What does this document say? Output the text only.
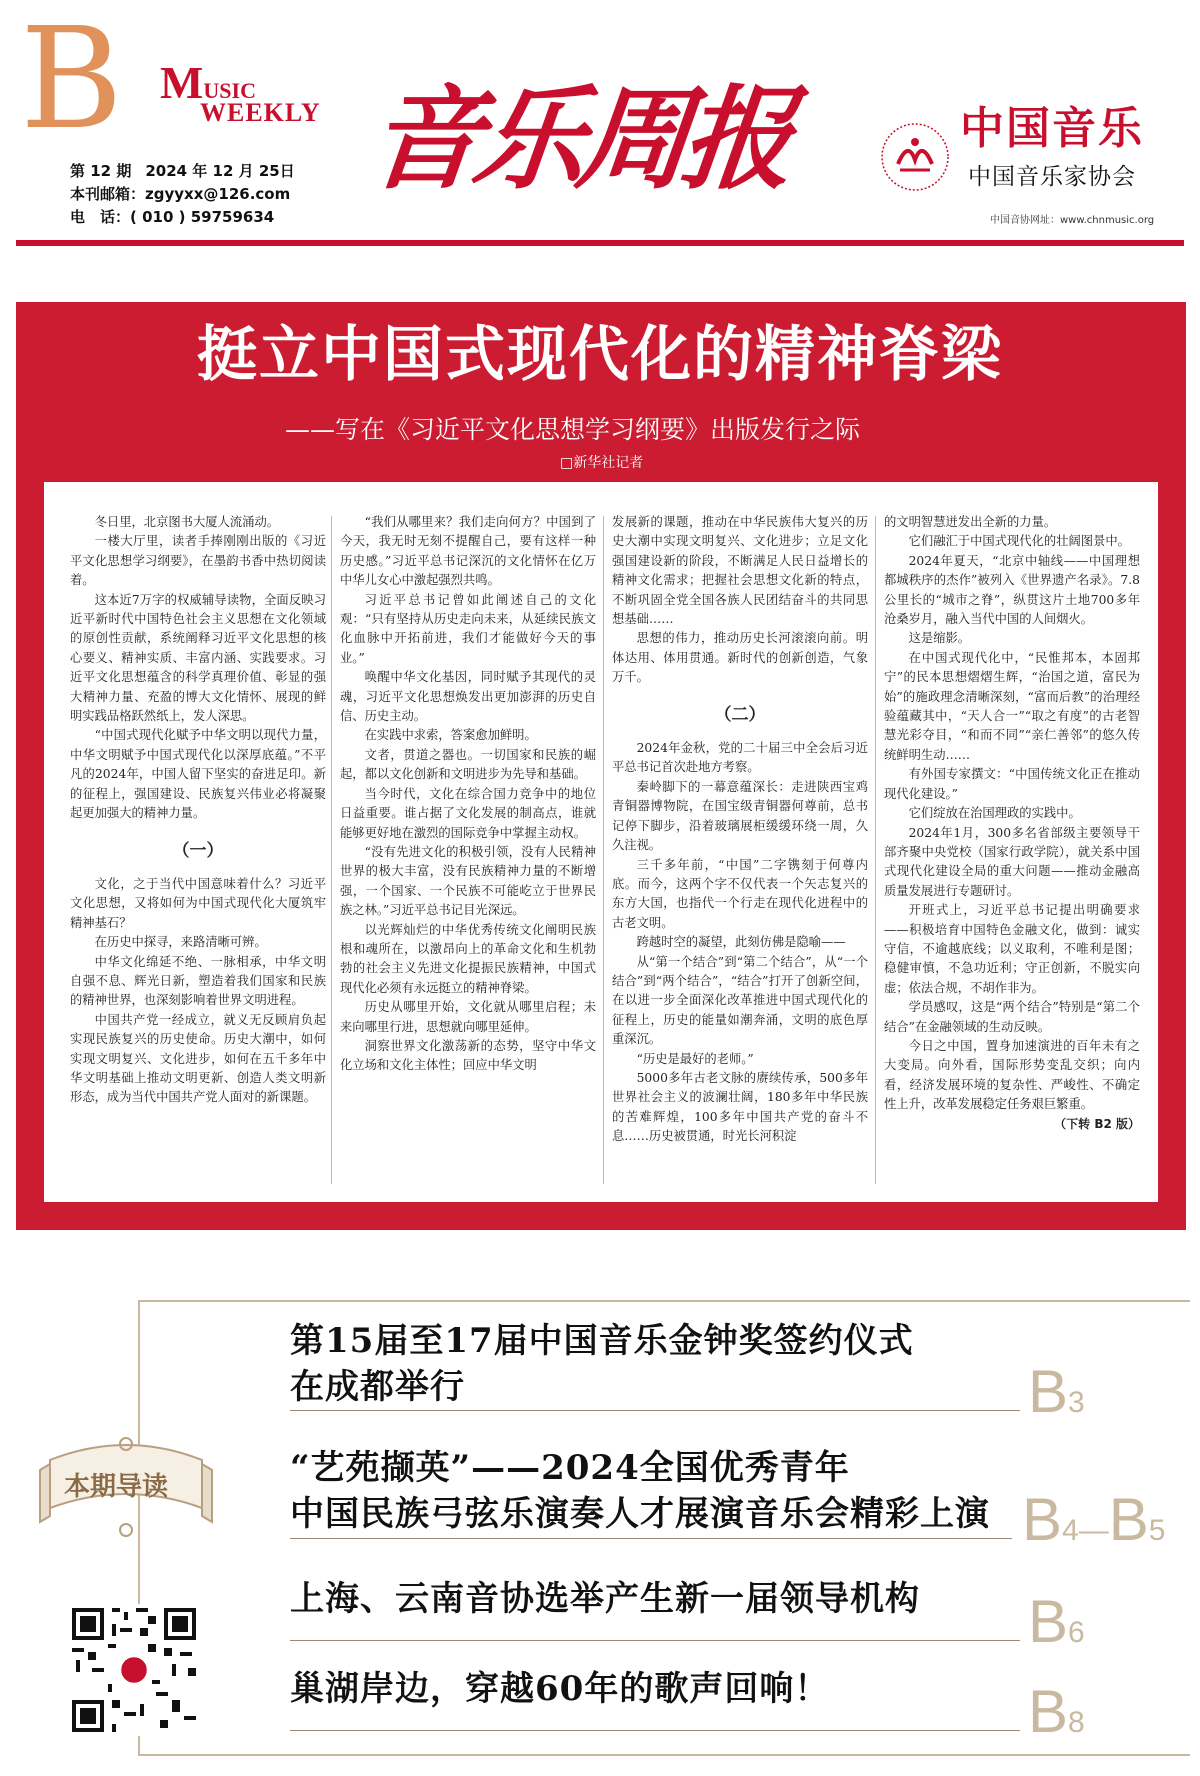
B MUSIC
WEEKLY
第 12 期 2024 年 12 月 25日
本刊邮箱：zgyyxx@126.com
电　话：( 010 ) 59759634
音乐周报	中国音乐
中国音乐家协会
中国音协网址：www.chnmusic.org
挺立中国式现代化的精神脊梁
——写在《习近平文化思想学习纲要》出版发行之际
□新华社记者

冬日里，北京图书大厦人流涌动。

一楼大厅里，读者手捧刚刚出版的《习近平文化思想学习纲要》，在墨韵书香中热切阅读着。

这本近7万字的权威辅导读物，全面反映习近平新时代中国特色社会主义思想在文化领域的原创性贡献，系统阐释习近平文化思想的核心要义、精神实质、丰富内涵、实践要求。习近平文化思想蕴含的科学真理价值、彰显的强大精神力量、充盈的博大文化情怀、展现的鲜明实践品格跃然纸上，发人深思。

“中国式现代化赋予中华文明以现代力量，中华文明赋予中国式现代化以深厚底蕴。”不平凡的2024年，中国人留下坚实的奋进足印。新的征程上，强国建设、民族复兴伟业必将凝聚起更加强大的精神力量。

（一）

文化，之于当代中国意味着什么？习近平文化思想，又将如何为中国式现代化大厦筑牢精神基石？

在历史中探寻，来路清晰可辨。

中华文化绵延不绝、一脉相承，中华文明自强不息、辉光日新，塑造着我们国家和民族的精神世界，也深刻影响着世界文明进程。

中国共产党一经成立，就义无反顾肩负起实现民族复兴的历史使命。历史大潮中，如何实现文明复兴、文化进步，如何在五千多年中华文明基础上推动文明更新、创造人类文明新形态，成为当代中国共产党人面对的新课题。

“我们从哪里来？我们走向何方？中国到了今天，我无时无刻不提醒自己，要有这样一种历史感。”习近平总书记深沉的文化情怀在亿万中华儿女心中激起强烈共鸣。

习近平总书记曾如此阐述自己的文化观：“只有坚持从历史走向未来，从延续民族文化血脉中开拓前进，我们才能做好今天的事业。”

唤醒中华文化基因，同时赋予其现代的灵魂，习近平文化思想焕发出更加澎湃的历史自信、历史主动。

在实践中求索，答案愈加鲜明。

文者，贯道之器也。一切国家和民族的崛起，都以文化创新和文明进步为先导和基础。

当今时代，文化在综合国力竞争中的地位日益重要。谁占据了文化发展的制高点，谁就能够更好地在激烈的国际竞争中掌握主动权。

“没有先进文化的积极引领，没有人民精神世界的极大丰富，没有民族精神力量的不断增强，一个国家、一个民族不可能屹立于世界民族之林。”习近平总书记目光深远。

以光辉灿烂的中华优秀传统文化阐明民族根和魂所在，以激昂向上的革命文化和生机勃勃的社会主义先进文化提振民族精神，中国式现代化必须有永远挺立的精神脊梁。

历史从哪里开始，文化就从哪里启程；未来向哪里行进，思想就向哪里延伸。

洞察世界文化激荡新的态势，坚守中华文化立场和文化主体性；回应中华文明

发展新的课题，推动在中华民族伟大复兴的历史大潮中实现文明复兴、文化进步；立足文化强国建设新的阶段，不断满足人民日益增长的精神文化需求；把握社会思想文化新的特点，不断巩固全党全国各族人民团结奋斗的共同思想基础……

思想的伟力，推动历史长河滚滚向前。明体达用、体用贯通。新时代的创新创造，气象万千。

（二）

2024年金秋，党的二十届三中全会后习近平总书记首次赴地方考察。

秦岭脚下的一幕意蕴深长：走进陕西宝鸡青铜器博物院，在国宝级青铜器何尊前，总书记停下脚步，沿着玻璃展柜缓缓环绕一周，久久注视。

三千多年前，“中国”二字镌刻于何尊内底。而今，这两个字不仅代表一个矢志复兴的东方大国，也指代一个行走在现代化进程中的古老文明。

跨越时空的凝望，此刻仿佛是隐喻——

从“第一个结合”到“第二个结合”，从“一个结合”到“两个结合”，“结合”打开了创新空间，在以进一步全面深化改革推进中国式现代化的征程上，历史的能量如潮奔涌，文明的底色厚重深沉。

“历史是最好的老师。”

5000多年古老文脉的赓续传承，500多年世界社会主义的波澜壮阔，180多年中华民族的苦难辉煌，100多年中国共产党的奋斗不息……历史被贯通，时光长河积淀

的文明智慧迸发出全新的力量。

它们融汇于中国式现代化的壮阔图景中。

2024年夏天，“北京中轴线——中国理想都城秩序的杰作”被列入《世界遗产名录》。7.8公里长的“城市之脊”，纵贯这片土地700多年沧桑岁月，融入当代中国的人间烟火。

这是缩影。

在中国式现代化中，“民惟邦本，本固邦宁”的民本思想熠熠生辉，“治国之道，富民为始”的施政理念清晰深刻，“富而后教”的治理经验蕴藏其中，“天人合一”“取之有度”的古老智慧光彩夺目，“和而不同”“亲仁善邻”的悠久传统鲜明生动……

有外国专家撰文：“中国传统文化正在推动现代化建设。”

它们绽放在治国理政的实践中。

2024年1月，300多名省部级主要领导干部齐聚中央党校（国家行政学院），就关系中国式现代化建设全局的重大问题——推动金融高质量发展进行专题研讨。

开班式上，习近平总书记提出明确要求——积极培育中国特色金融文化，做到：诚实守信，不逾越底线；以义取利，不唯利是图；稳健审慎，不急功近利；守正创新，不脱实向虚；依法合规，不胡作非为。

学员感叹，这是“两个结合”特别是“第二个结合”在金融领域的生动反映。

今日之中国，置身加速演进的百年未有之大变局。向外看，国际形势变乱交织；向内看，经济发展环境的复杂性、严峻性、不确定性上升，改革发展稳定任务艰巨繁重。

（下转 B2 版）

本期导读
第15届至17届中国音乐金钟奖签约仪式
在成都举行	B3
“艺苑撷英”——2024全国优秀青年
中国民族弓弦乐演奏人才展演音乐会精彩上演 B4—B5
上海、云南音协选举产生新一届领导机构 B6
巢湖岸边，穿越60年的歌声回响！	B8
